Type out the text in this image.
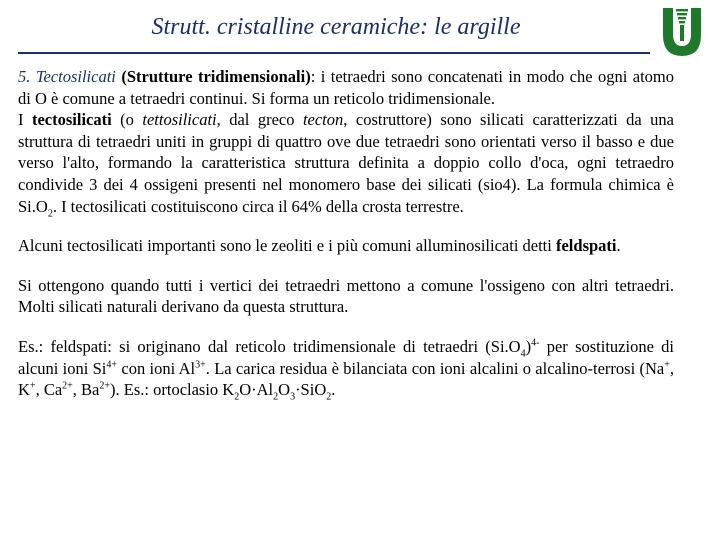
Strutt. cristalline ceramiche: le argille

5. Tectosilicati (Strutture tridimensionali): i tetraedri sono concatenati in modo che ogni atomo di O è comune a tetraedri continui. Si forma un reticolo tridimensionale.

I tectosilicati (o tettosilicati, dal greco tecton, costruttore) sono silicati caratterizzati da una struttura di tetraedri uniti in gruppi di quattro ove due tetraedri sono orientati verso il basso e due verso l'alto, formando la caratteristica struttura definita a doppio collo d'oca, ogni tetraedro condivide 3 dei 4 ossigeni presenti nel monomero base dei silicati (sio4). La formula chimica è $Si.O_2$. I tectosilicati costituiscono circa il 64% della crosta terrestre.

Alcuni tectosilicati importanti sono le zeoliti e i più comuni alluminosilicati detti feldspati.

Si ottengono quando tutti i vertici dei tetraedri mettono a comune l'ossigeno con altri tetraedri. Molti silicati naturali derivano da questa struttura.

Es.: feldspati: si originano dal reticolo tridimensionale di tetraedri $(Si.O_4)^{4-}$ per sostituzione di alcuni ioni $Si^{4+}$ con ioni $Al^{3+}$. La carica residua è bilanciata con ioni alcalini o alcalino-terrosi (Na+, K+, $Ca^{2+}$, $Ba^{2+}$). Es.: ortoclasio $K_2O\cdot Al_2O_3\cdot SiO_2$.
